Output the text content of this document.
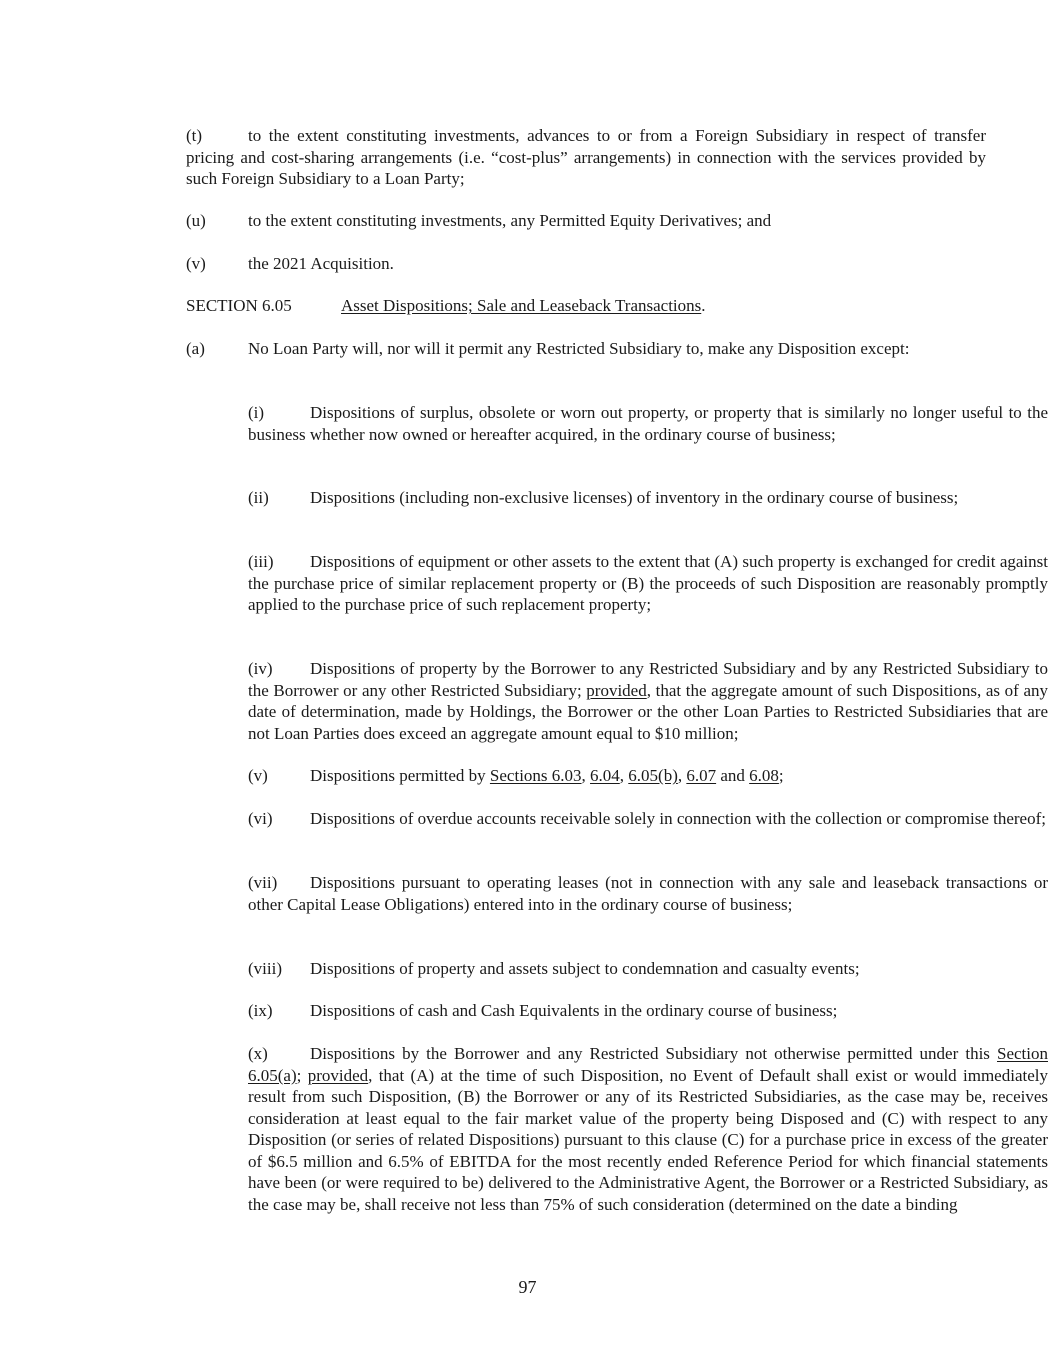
(t)	to the extent constituting investments, advances to or from a Foreign Subsidiary in respect of transfer pricing and cost-sharing arrangements (i.e. “cost-plus” arrangements) in connection with the services provided by such Foreign Subsidiary to a Loan Party;
(u) to the extent constituting investments, any Permitted Equity Derivatives; and
(v) the 2021 Acquisition.
SECTION 6.05	Asset Dispositions; Sale and Leaseback Transactions.
(a)	No Loan Party will, nor will it permit any Restricted Subsidiary to, make any Disposition except:
(i)	Dispositions of surplus, obsolete or worn out property, or property that is similarly no longer useful to the business whether now owned or hereafter acquired, in the ordinary course of business;
(ii) Dispositions (including non-exclusive licenses) of inventory in the ordinary course of business;
(iii) Dispositions of equipment or other assets to the extent that (A) such property is exchanged for credit against the purchase price of similar replacement property or (B) the proceeds of such Disposition are reasonably promptly applied to the purchase price of such replacement property;
(iv) Dispositions of property by the Borrower to any Restricted Subsidiary and by any Restricted Subsidiary to the Borrower or any other Restricted Subsidiary; provided, that the aggregate amount of such Dispositions, as of any date of determination, made by Holdings, the Borrower or the other Loan Parties to Restricted Subsidiaries that are not Loan Parties does exceed an aggregate amount equal to $10 million;
(v) Dispositions permitted by Sections 6.03, 6.04, 6.05(b), 6.07 and 6.08;
(vi) Dispositions of overdue accounts receivable solely in connection with the collection or compromise thereof;
(vii) Dispositions pursuant to operating leases (not in connection with any sale and leaseback transactions or other Capital Lease Obligations) entered into in the ordinary course of business;
(viii) Dispositions of property and assets subject to condemnation and casualty events;
(ix) Dispositions of cash and Cash Equivalents in the ordinary course of business;
(x) Dispositions by the Borrower and any Restricted Subsidiary not otherwise permitted under this Section 6.05(a); provided, that (A) at the time of such Disposition, no Event of Default shall exist or would immediately result from such Disposition, (B) the Borrower or any of its Restricted Subsidiaries, as the case may be, receives consideration at least equal to the fair market value of the property being Disposed and (C) with respect to any Disposition (or series of related Dispositions) pursuant to this clause (C) for a purchase price in excess of the greater of $6.5 million and 6.5% of EBITDA for the most recently ended Reference Period for which financial statements have been (or were required to be) delivered to the Administrative Agent, the Borrower or a Restricted Subsidiary, as the case may be, shall receive not less than 75% of such consideration (determined on the date a binding
97
